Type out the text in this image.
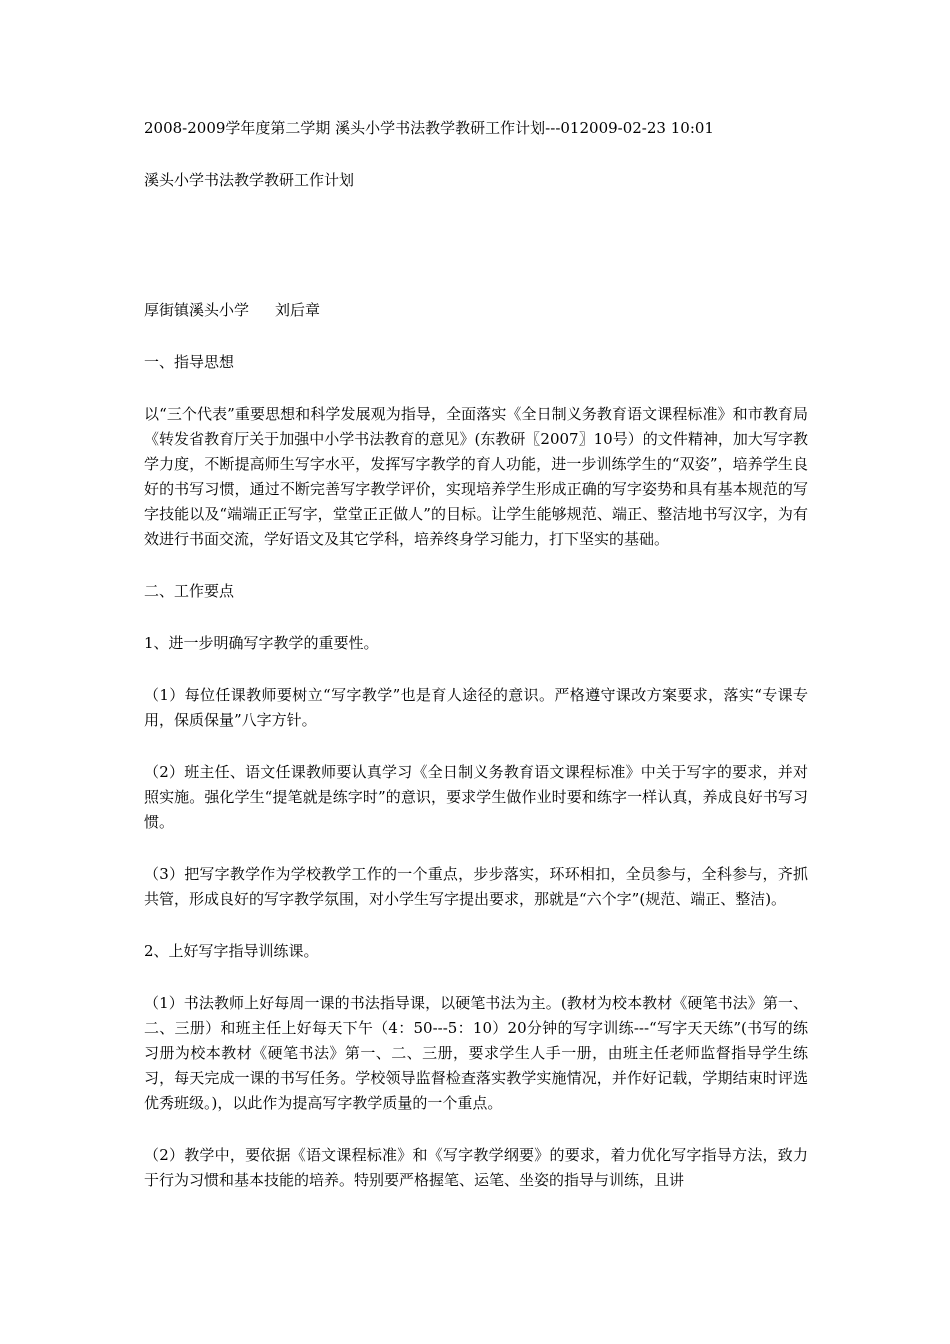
2008-2009学年度第二学期 溪头小学书法教学教研工作计划---012009-02-23 10:01

溪头小学书法教学教研工作计划

厚街镇溪头小学 刘后章

一、指导思想

以“三个代表”重要思想和科学发展观为指导，全面落实《全日制义务教育语文课程标准》和市教育局《转发省教育厅关于加强中小学书法教育的意见》(东教研〖2007〗10号）的文件精神，加大写字教学力度，不断提高师生写字水平，发挥写字教学的育人功能，进一步训练学生的“双姿”，培养学生良好的书写习惯，通过不断完善写字教学评价，实现培养学生形成正确的写字姿势和具有基本规范的写字技能以及“端端正正写字，堂堂正正做人”的目标。让学生能够规范、端正、整洁地书写汉字，为有效进行书面交流，学好语文及其它学科，培养终身学习能力，打下坚实的基础。

二、工作要点

1、进一步明确写字教学的重要性。

（1）每位任课教师要树立“写字教学”也是育人途径的意识。严格遵守课改方案要求，落实“专课专用，保质保量”八字方针。

（2）班主任、语文任课教师要认真学习《全日制义务教育语文课程标准》中关于写字的要求，并对照实施。强化学生“提笔就是练字时”的意识，要求学生做作业时要和练字一样认真，养成良好书写习惯。

（3）把写字教学作为学校教学工作的一个重点，步步落实，环环相扣，全员参与，全科参与，齐抓共管，形成良好的写字教学氛围，对小学生写字提出要求，那就是“六个字”(规范、端正、整洁)。

2、上好写字指导训练课。

（1）书法教师上好每周一课的书法指导课，以硬笔书法为主。(教材为校本教材《硬笔书法》第一、二、三册）和班主任上好每天下午（4：50---5：10）20分钟的写字训练---“写字天天练”(书写的练习册为校本教材《硬笔书法》第一、二、三册，要求学生人手一册，由班主任老师监督指导学生练习，每天完成一课的书写任务。学校领导监督检查落实教学实施情况，并作好记载，学期结束时评选优秀班级。)，以此作为提高写字教学质量的一个重点。

（2）教学中，要依据《语文课程标准》和《写字教学纲要》的要求，着力优化写字指导方法，致力于行为习惯和基本技能的培养。特别要严格握笔、运笔、坐姿的指导与训练，且讲
